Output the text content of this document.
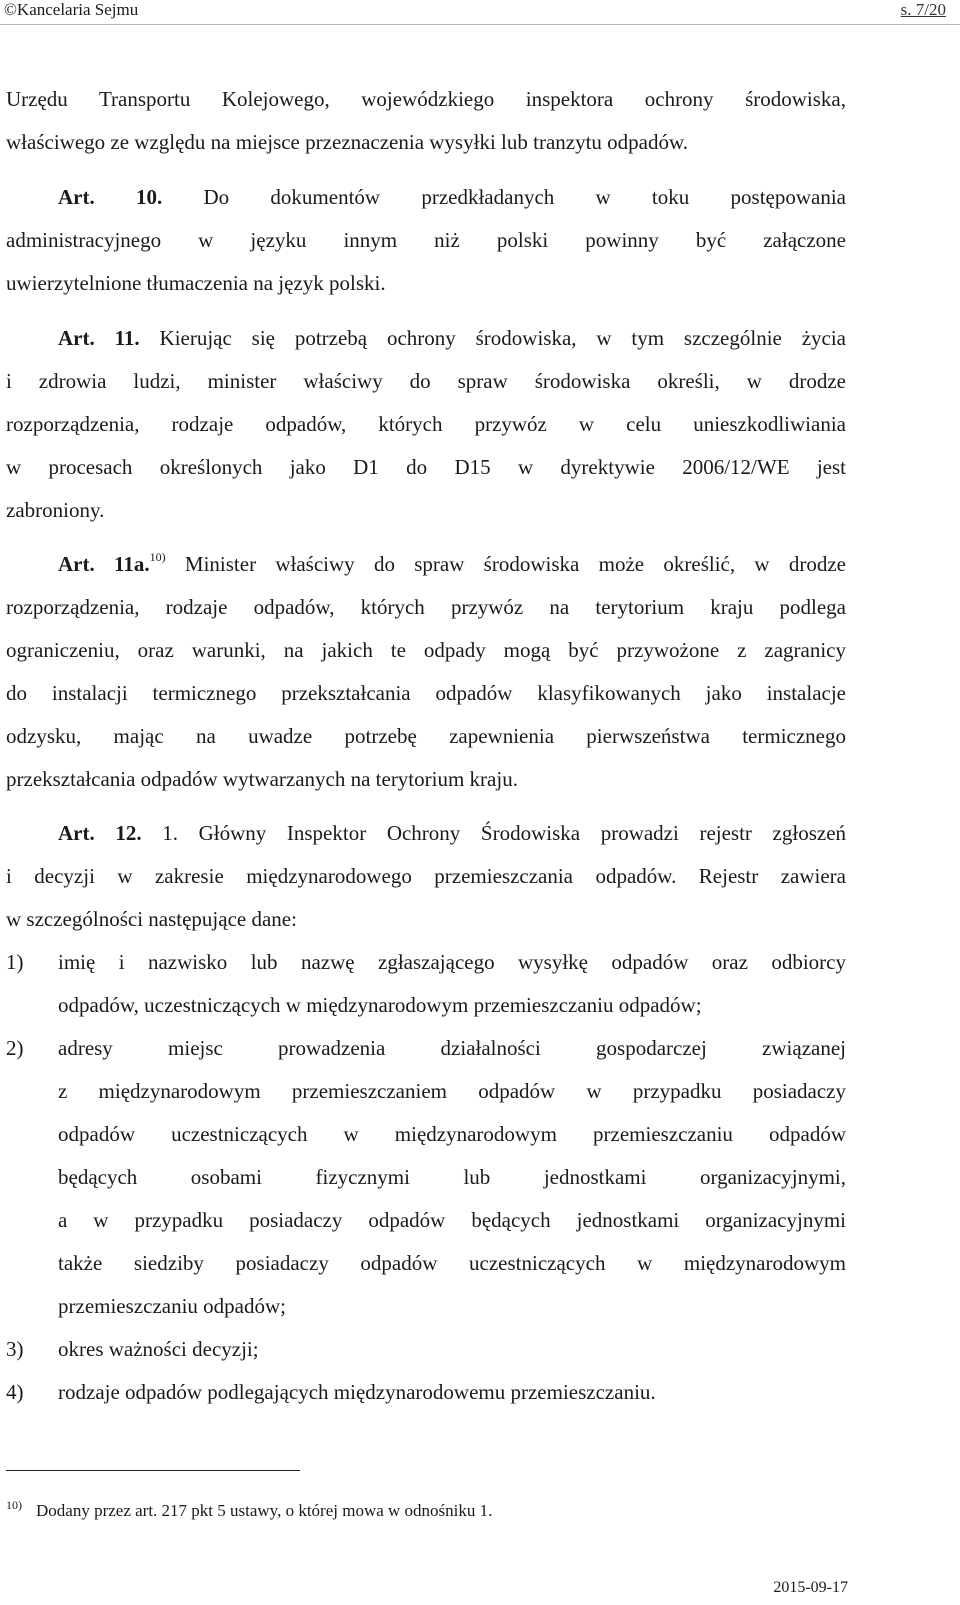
©Kancelaria Sejmu	s. 7/20
Urzędu Transportu Kolejowego, wojewódzkiego inspektora ochrony środowiska,
właściwego ze względu na miejsce przeznaczenia wysyłki lub tranzytu odpadów.
Art. 10. Do dokumentów przedkładanych w toku postępowania
administracyjnego w języku innym niż polski powinny być załączone
uwierzytelnione tłumaczenia na język polski.
Art. 11. Kierując się potrzebą ochrony środowiska, w tym szczególnie życia
i zdrowia ludzi, minister właściwy do spraw środowiska określi, w drodze
rozporządzenia, rodzaje odpadów, których przywóz w celu unieszkodliwiania
w procesach określonych jako D1 do D15 w dyrektywie 2006/12/WE jest
zabroniony.
Art. 11a.$^{10)}$ Minister właściwy do spraw środowiska może określić, w drodze
rozporządzenia, rodzaje odpadów, których przywóz na terytorium kraju podlega
ograniczeniu, oraz warunki, na jakich te odpady mogą być przywożone z zagranicy
do instalacji termicznego przekształcania odpadów klasyfikowanych jako instalacje
odzysku, mając na uwadze potrzebę zapewnienia pierwszeństwa termicznego
przekształcania odpadów wytwarzanych na terytorium kraju.
Art. 12. 1. Główny Inspektor Ochrony Środowiska prowadzi rejestr zgłoszeń
i decyzji w zakresie międzynarodowego przemieszczania odpadów. Rejestr zawiera
w szczególności następujące dane:
1) imię i nazwisko lub nazwę zgłaszającego wysyłkę odpadów oraz odbiorcy
odpadów, uczestniczących w międzynarodowym przemieszczaniu odpadów;
2) adresy miejsc prowadzenia działalności gospodarczej związanej
z międzynarodowym przemieszczaniem odpadów w przypadku posiadaczy
odpadów uczestniczących w międzynarodowym przemieszczaniu odpadów
będących osobami fizycznymi lub jednostkami organizacyjnymi,
a w przypadku posiadaczy odpadów będących jednostkami organizacyjnymi
także siedziby posiadaczy odpadów uczestniczących w międzynarodowym
przemieszczaniu odpadów;
3) okres ważności decyzji;
4) rodzaje odpadów podlegających międzynarodowemu przemieszczaniu.
$^{10)}$ Dodany przez art. 217 pkt 5 ustawy, o której mowa w odnośniku 1.
2015-09-17
